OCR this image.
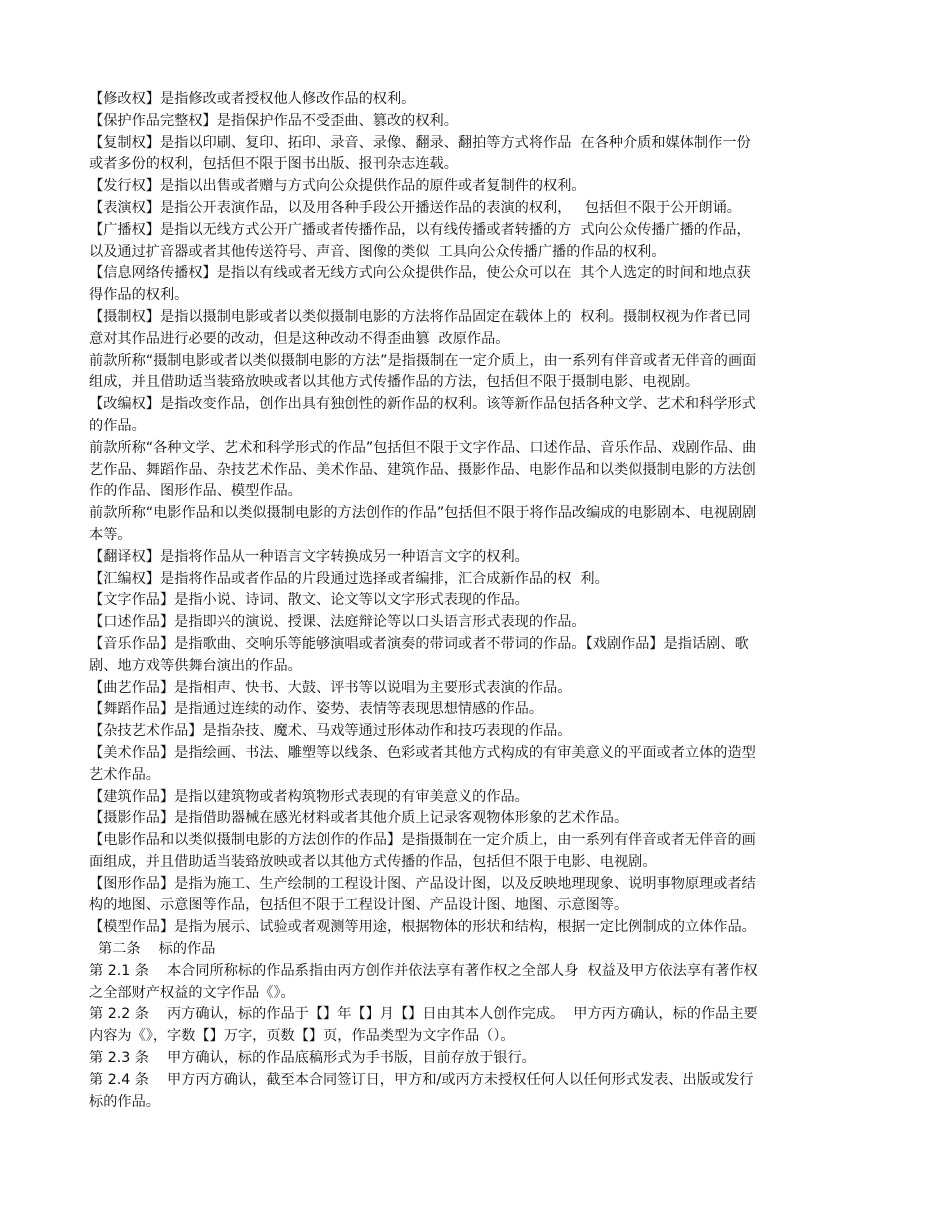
【修改权】是指修改或者授权他人修改作品的权利。
【保护作品完整权】是指保护作品不受歪曲、篡改的权利。
【复制权】是指以印刷、复印、拓印、录音、录像、翻录、翻拍等方式将作品  在各种介质和媒体制作一份
或者多份的权利，包括但不限于图书出版、报刊杂志连载。
【发行权】是指以出售或者赠与方式向公众提供作品的原件或者复制件的权利。
【表演权】是指公开表演作品，以及用各种手段公开播送作品的表演的权利，   包括但不限于公开朗诵。
【广播权】是指以无线方式公开广播或者传播作品，以有线传播或者转播的方  式向公众传播广播的作品，
以及通过扩音器或者其他传送符号、声音、图像的类似  工具向公众传播广播的作品的权利。
【信息网络传播权】是指以有线或者无线方式向公众提供作品，使公众可以在  其个人选定的时间和地点获
得作品的权利。
【摄制权】是指以摄制电影或者以类似摄制电影的方法将作品固定在载体上的  权利。摄制权视为作者已同
意对其作品进行必要的改动，但是这种改动不得歪曲篡  改原作品。
前款所称“摄制电影或者以类似摄制电影的方法”是指摄制在一定介质上，由一系列有伴音或者无伴音的画面
组成，并且借助适当装臵放映或者以其他方式传播作品的方法，包括但不限于摄制电影、电视剧。
【改编权】是指改变作品，创作出具有独创性的新作品的权利。该等新作品包括各种文学、艺术和科学形式
的作品。
前款所称“各种文学、艺术和科学形式的作品”包括但不限于文字作品、口述作品、音乐作品、戏剧作品、曲
艺作品、舞蹈作品、杂技艺术作品、美术作品、建筑作品、摄影作品、电影作品和以类似摄制电影的方法创
作的作品、图形作品、模型作品。
前款所称“电影作品和以类似摄制电影的方法创作的作品”包括但不限于将作品改编成的电影剧本、电视剧剧
本等。
【翻译权】是指将作品从一种语言文字转换成另一种语言文字的权利。
【汇编权】是指将作品或者作品的片段通过选择或者编排，汇合成新作品的权  利。
【文字作品】是指小说、诗词、散文、论文等以文字形式表现的作品。
【口述作品】是指即兴的演说、授课、法庭辩论等以口头语言形式表现的作品。
【音乐作品】是指歌曲、交响乐等能够演唱或者演奏的带词或者不带词的作品。【戏剧作品】是指话剧、歌
剧、地方戏等供舞台演出的作品。
【曲艺作品】是指相声、快书、大鼓、评书等以说唱为主要形式表演的作品。
【舞蹈作品】是指通过连续的动作、姿势、表情等表现思想情感的作品。
【杂技艺术作品】是指杂技、魔术、马戏等通过形体动作和技巧表现的作品。
【美术作品】是指绘画、书法、雕塑等以线条、色彩或者其他方式构成的有审美意义的平面或者立体的造型
艺术作品。
【建筑作品】是指以建筑物或者构筑物形式表现的有审美意义的作品。
【摄影作品】是指借助器械在感光材料或者其他介质上记录客观物体形象的艺术作品。
【电影作品和以类似摄制电影的方法创作的作品】是指摄制在一定介质上，由一系列有伴音或者无伴音的画
面组成，并且借助适当装臵放映或者以其他方式传播的作品，包括但不限于电影、电视剧。
【图形作品】是指为施工、生产绘制的工程设计图、产品设计图，以及反映地理现象、说明事物原理或者结
构的地图、示意图等作品，包括但不限于工程设计图、产品设计图、地图、示意图等。
【模型作品】是指为展示、试验或者观测等用途，根据物体的形状和结构，根据一定比例制成的立体作品。
第二条    标的作品
第 2.1 条    本合同所称标的作品系指由丙方创作并依法享有著作权之全部人身  权益及甲方依法享有著作权
之全部财产权益的文字作品《》。
第 2.2 条    丙方确认，标的作品于【】年【】月【】日由其本人创作完成。  甲方丙方确认，标的作品主要
内容为《》，字数【】万字，页数【】页，作品类型为文字作品（）。
第 2.3 条    甲方确认，标的作品底稿形式为手书版，目前存放于银行。
第 2.4 条    甲方丙方确认，截至本合同签订日，甲方和/或丙方未授权任何人以任何形式发表、出版或发行
标的作品。
